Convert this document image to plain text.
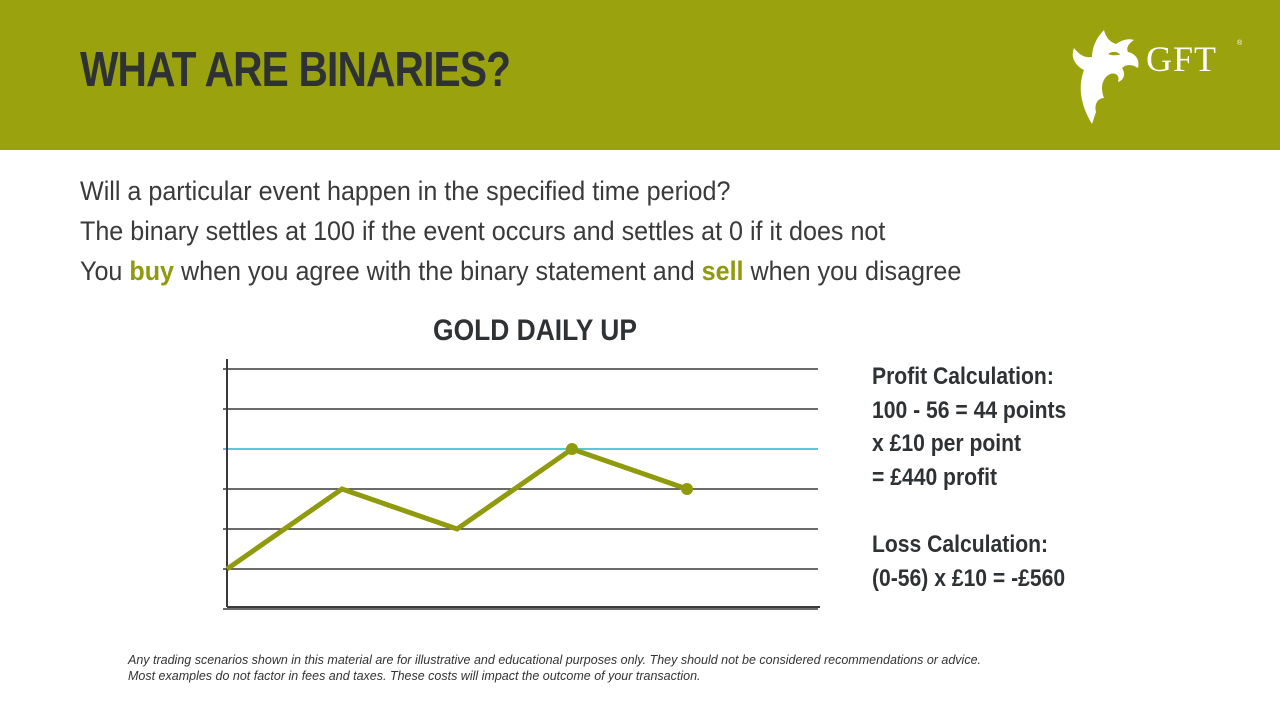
WHAT ARE BINARIES?	GFT	®
Will a particular event happen in the specified time period?
The binary settles at 100 if the event occurs and settles at 0 if it does not
You buy when you agree with the binary statement and sell when you disagree
GOLD DAILY UP
Profit Calculation:
100 - 56 = 44 points
x £10 per point
= £440 profit
Loss Calculation:
(0-56) x £10 = -£560
Any trading scenarios shown in this material are for illustrative and educational purposes only. They should not be considered recommendations or advice.
Most examples do not factor in fees and taxes. These costs will impact the outcome of your transaction.
